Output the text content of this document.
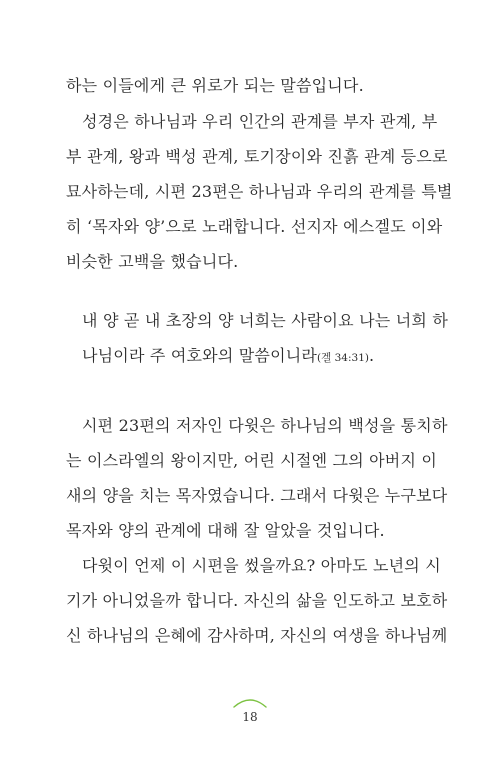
하는 이들에게 큰 위로가 되는 말씀입니다.
성경은 하나님과 우리 인간의 관계를 부자 관계, 부
부 관계, 왕과 백성 관계, 토기장이와 진흙 관계 등으로
묘사하는데, 시편 23편은 하나님과 우리의 관계를 특별
히 ‘목자와 양’으로 노래합니다. 선지자 에스겔도 이와
비슷한 고백을 했습니다.
내 양 곧 내 초장의 양 너희는 사람이요 나는 너희 하
나님이라 주 여호와의 말씀이니라(겔 34:31).
시편 23편의 저자인 다윗은 하나님의 백성을 통치하
는 이스라엘의 왕이지만, 어린 시절엔 그의 아버지 이
새의 양을 치는 목자였습니다. 그래서 다윗은 누구보다
목자와 양의 관계에 대해 잘 알았을 것입니다.
다윗이 언제 이 시편을 썼을까요? 아마도 노년의 시
기가 아니었을까 합니다. 자신의 삶을 인도하고 보호하
신 하나님의 은혜에 감사하며, 자신의 여생을 하나님께
18
